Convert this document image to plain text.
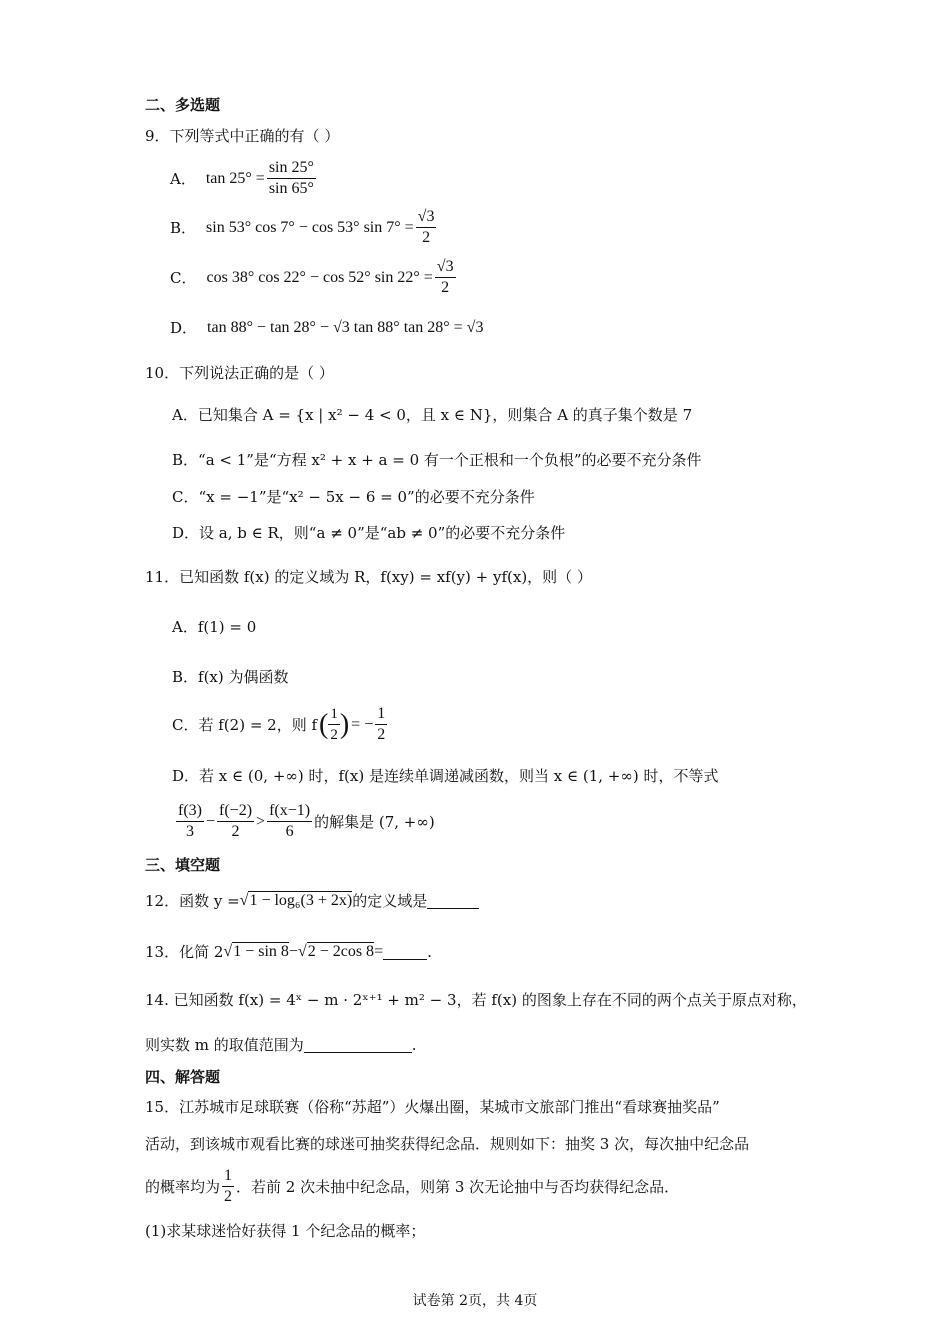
二、多选题
9．下列等式中正确的有（ ）
A． $\tan 25^\circ = \frac{\sin 25^\circ}{\sin 65^\circ}$
B． sin 53° cos 7° − cos 53° $\sin 7^\circ = \frac{√3}{2}$
C． cos 38° cos 22° − cos 52° $\sin 22^\circ = \frac{√3}{2}$
D． tan 88° − tan 28° − √3 tan 88° tan 28° = √3
10．下列说法正确的是（ ）
A．已知集合 A = {x | x² − 4 < 0，且 x ∈ N}，则集合 A 的真子集个数是 7
B．“a < 1”是“方程 x² + x + a = 0 有一个正根和一个负根”的必要不充分条件
C．“x = −1”是“x² − 5x − 6 = 0”的必要不充分条件
D．设 a, b ∈ R，则“a ≠ 0”是“ab ≠ 0”的必要不充分条件
11．已知函数 f(x) 的定义域为 R，f(xy) = xf(y) + yf(x)，则（ ）
A．f(1) = 0
B．f(x) 为偶函数
C．若 f(2) = 2，则 f ( $\frac{1}{2}$ ) = − $\frac{1}{2}$
D．若 x ∈ (0, +∞) 时，f(x) 是连续单调递减函数，则当 x ∈ (1, +∞) 时，不等式
$\frac{f(3)}{3} - \frac{f(-2)}{2} > \frac{f(x-1)}{6}$ 的解集是 (7, +∞)
三、填空题
12．函数 y = √ 1 − log₆(3 + 2x) 的定义域是
13．化简 2 √ 1 − sin 8 − √ 2 − 2cos 8 =	.
14. 已知函数 f(x) = 4ˣ − m · 2ˣ⁺¹ + m² − 3，若 f(x) 的图象上存在不同的两个点关于原点对称，
则实数 m 的取值范围为	.
四、解答题
15．江苏城市足球联赛（俗称“苏超”）火爆出圈，某城市文旅部门推出“看球赛抽奖品”
活动，到该城市观看比赛的球迷可抽奖获得纪念品．规则如下：抽奖 3 次，每次抽中纪念品
的概率均为 $\frac{1}{2}$ ．若前 2 次未抽中纪念品，则第 3 次无论抽中与否均获得纪念品．
(1)求某球迷恰好获得 1 个纪念品的概率；
试卷第 2页，共 4页
